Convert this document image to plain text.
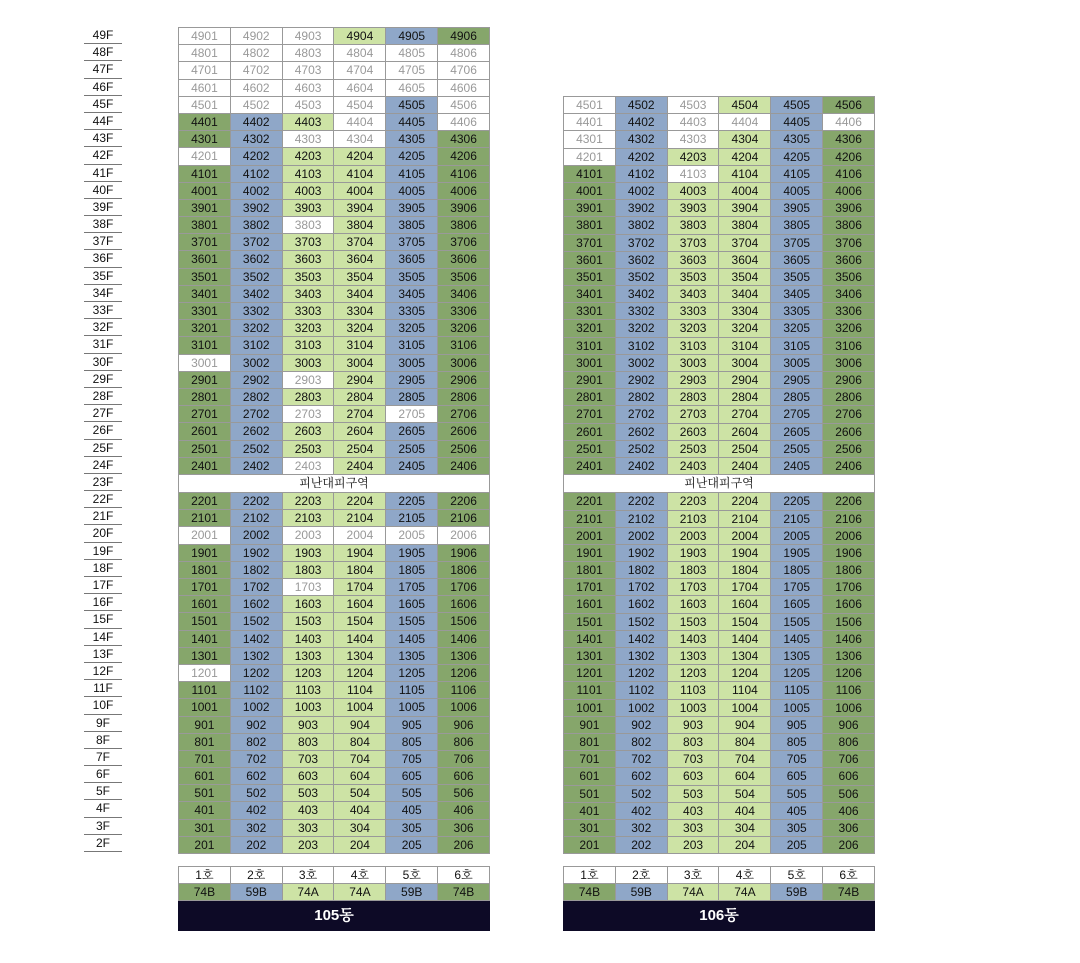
49F
48F
47F
46F
45F
44F
43F
42F
41F
40F
39F
38F
37F
36F
35F
34F
33F
32F
31F
30F
29F
28F
27F
26F
25F
24F
23F
22F
21F
20F
19F
18F
17F
16F
15F
14F
13F
12F
11F
10F
9F
8F
7F
6F
5F
4F
3F
2F
4901	4902	4903	4904	4905	4906
4801	4802	4803	4804	4805	4806
4701	4702	4703	4704	4705	4706
4601	4602	4603	4604	4605	4606
4501	4502	4503	4504	4505	4506
4401	4402	4403	4404	4405	4406
4301	4302	4303	4304	4305	4306
4201	4202	4203	4204	4205	4206
4101	4102	4103	4104	4105	4106
4001	4002	4003	4004	4005	4006
3901	3902	3903	3904	3905	3906
3801	3802	3803	3804	3805	3806
3701	3702	3703	3704	3705	3706
3601	3602	3603	3604	3605	3606
3501	3502	3503	3504	3505	3506
3401	3402	3403	3404	3405	3406
3301	3302	3303	3304	3305	3306
3201	3202	3203	3204	3205	3206
3101	3102	3103	3104	3105	3106
3001	3002	3003	3004	3005	3006
2901	2902	2903	2904	2905	2906
2801	2802	2803	2804	2805	2806
2701	2702	2703	2704	2705	2706
2601	2602	2603	2604	2605	2606
2501	2502	2503	2504	2505	2506
2401	2402	2403	2404	2405	2406
피난대피구역
2201	2202	2203	2204	2205	2206
2101	2102	2103	2104	2105	2106
2001	2002	2003	2004	2005	2006
1901	1902	1903	1904	1905	1906
1801	1802	1803	1804	1805	1806
1701	1702	1703	1704	1705	1706
1601	1602	1603	1604	1605	1606
1501	1502	1503	1504	1505	1506
1401	1402	1403	1404	1405	1406
1301	1302	1303	1304	1305	1306
1201	1202	1203	1204	1205	1206
1101	1102	1103	1104	1105	1106
1001	1002	1003	1004	1005	1006
901	902	903	904	905	906
801	802	803	804	805	806
701	702	703	704	705	706
601	602	603	604	605	606
501	502	503	504	505	506
401	402	403	404	405	406
301	302	303	304	305	306
201	202	203	204	205	206
1호	2호	3호	4호	5호	6호
74B	59B	74A	74A	59B	74B
105동
4501	4502	4503	4504	4505	4506
4401	4402	4403	4404	4405	4406
4301	4302	4303	4304	4305	4306
4201	4202	4203	4204	4205	4206
4101	4102	4103	4104	4105	4106
4001	4002	4003	4004	4005	4006
3901	3902	3903	3904	3905	3906
3801	3802	3803	3804	3805	3806
3701	3702	3703	3704	3705	3706
3601	3602	3603	3604	3605	3606
3501	3502	3503	3504	3505	3506
3401	3402	3403	3404	3405	3406
3301	3302	3303	3304	3305	3306
3201	3202	3203	3204	3205	3206
3101	3102	3103	3104	3105	3106
3001	3002	3003	3004	3005	3006
2901	2902	2903	2904	2905	2906
2801	2802	2803	2804	2805	2806
2701	2702	2703	2704	2705	2706
2601	2602	2603	2604	2605	2606
2501	2502	2503	2504	2505	2506
2401	2402	2403	2404	2405	2406
피난대피구역
2201	2202	2203	2204	2205	2206
2101	2102	2103	2104	2105	2106
2001	2002	2003	2004	2005	2006
1901	1902	1903	1904	1905	1906
1801	1802	1803	1804	1805	1806
1701	1702	1703	1704	1705	1706
1601	1602	1603	1604	1605	1606
1501	1502	1503	1504	1505	1506
1401	1402	1403	1404	1405	1406
1301	1302	1303	1304	1305	1306
1201	1202	1203	1204	1205	1206
1101	1102	1103	1104	1105	1106
1001	1002	1003	1004	1005	1006
901	902	903	904	905	906
801	802	803	804	805	806
701	702	703	704	705	706
601	602	603	604	605	606
501	502	503	504	505	506
401	402	403	404	405	406
301	302	303	304	305	306
201	202	203	204	205	206
1호	2호	3호	4호	5호	6호
74B	59B	74A	74A	59B	74B
106동
